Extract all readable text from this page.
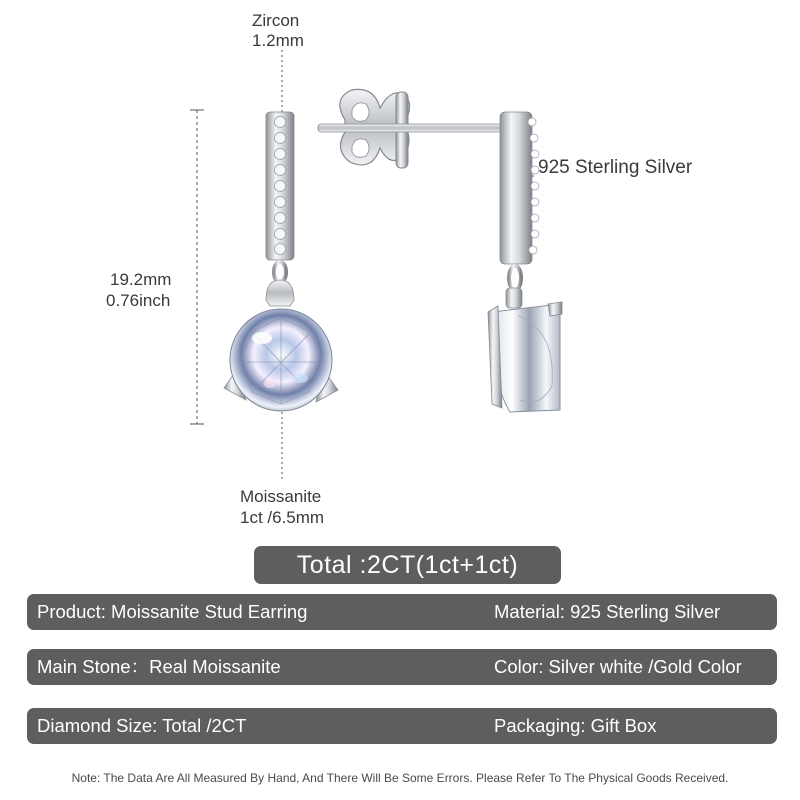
Zircon
1.2mm
925 Sterling Silver
19.2mm
0.76inch
Moissanite
1ct /6.5mm
Total :2CT(1ct+1ct)
Product: Moissanite Stud Earring	Material: 925 Sterling Silver
Main Stone：Real Moissanite	Color: Silver white /Gold Color
Diamond Size: Total /2CT	Packaging: Gift Box
Note: The Data Are All Measured By Hand, And There Will Be Some Errors. Please Refer To The Physical Goods Received.
